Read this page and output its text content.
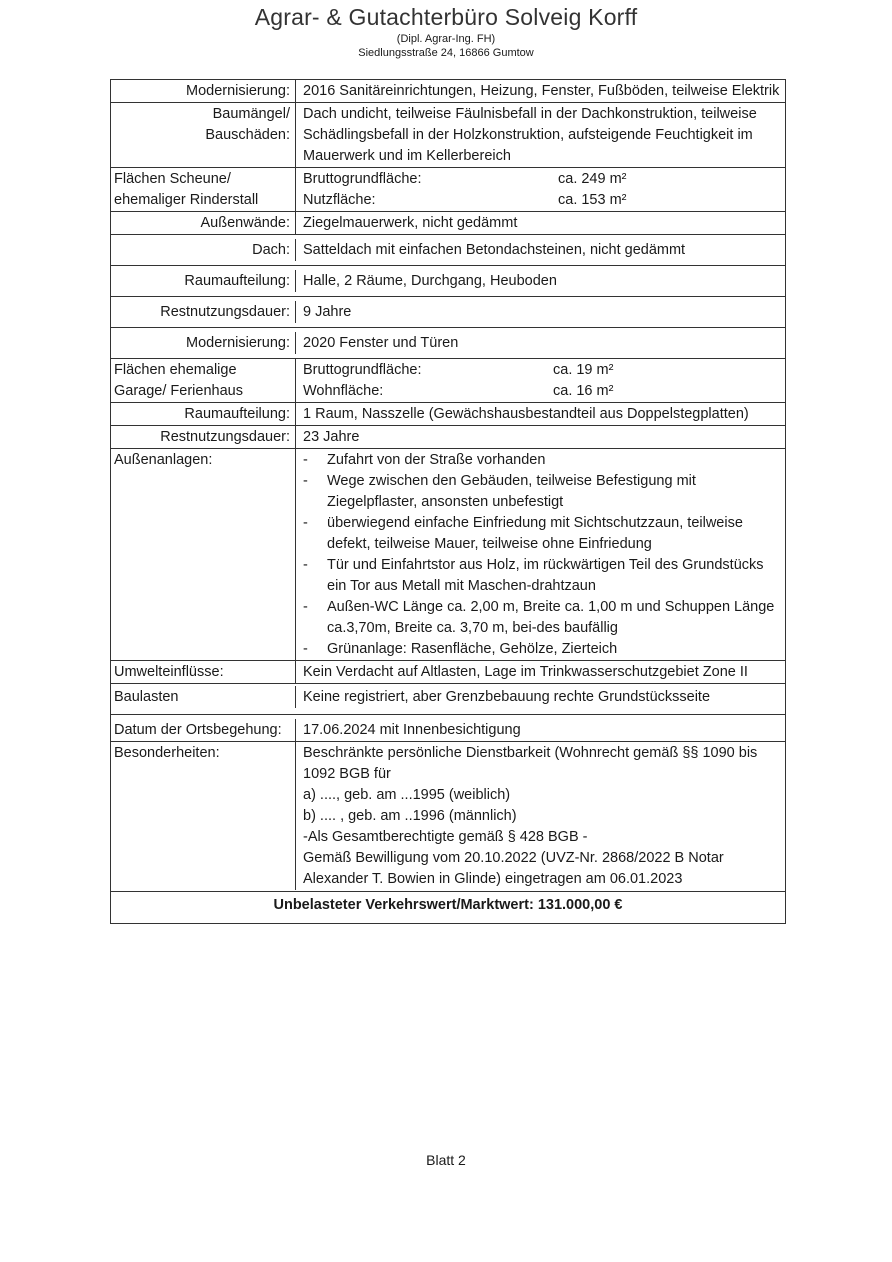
Agrar- & Gutachterbüro Solveig Korff
(Dipl. Agrar-Ing. FH)
Siedlungsstraße 24, 16866 Gumtow
Modernisierung: 2016 Sanitäreinrichtungen, Heizung, Fenster, Fußböden, teilweise Elektrik
Baumängel/ Bauschäden:
Dach undicht, teilweise Fäulnisbefall in der Dachkonstruktion, teilweise Schädlingsbefall in der Holzkonstruktion, aufsteigende Feuchtigkeit im Mauerwerk und im Kellerbereich
Flächen Scheune/ ehemaliger Rinderstall
Bruttogrundfläche:	ca. 249 m²
Nutzfläche:	ca. 153 m²
Außenwände: Ziegelmauerwerk, nicht gedämmt
Dach: Satteldach mit einfachen Betondachsteinen, nicht gedämmt
Raumaufteilung: Halle, 2 Räume, Durchgang, Heuboden
Restnutzungsdauer: 9 Jahre
Modernisierung: 2020 Fenster und Türen
Flächen ehemalige Garage/ Ferienhaus
Bruttogrundfläche:	ca. 19 m²
Wohnfläche:	ca. 16 m²
Raumaufteilung: 1 Raum, Nasszelle (Gewächshausbestandteil aus Doppelstegplatten)
Restnutzungsdauer: 23 Jahre
Außenanlagen:
-	Zufahrt von der Straße vorhanden
- Wege zwischen den Gebäuden, teilweise Befestigung mit Ziegelpflaster, ansonsten unbefestigt
- überwiegend einfache Einfriedung mit Sichtschutzzaun, teilweise defekt, teilweise Mauer, teilweise ohne Einfriedung
- Tür und Einfahrtstor aus Holz, im rückwärtigen Teil des Grundstücks ein Tor aus Metall mit Maschen-drahtzaun
- Außen-WC Länge ca. 2,00 m, Breite ca. 1,00 m und Schuppen Länge ca.3,70m, Breite ca. 3,70 m, bei-des baufällig
- Grünanlage: Rasenfläche, Gehölze, Zierteich
Umwelteinflüsse:	Kein Verdacht auf Altlasten, Lage im Trinkwasserschutzgebiet Zone II
Baulasten	Keine registriert, aber Grenzbebauung rechte Grundstücksseite
Datum der Ortsbegehung:	17.06.2024 mit Innenbesichtigung
Besonderheiten:	Beschränkte persönliche Dienstbarkeit (Wohnrecht gemäß §§ 1090 bis 1092 BGB für
a) ...., geb. am ...1995 (weiblich)
b) .... , geb. am ..1996 (männlich)
-Als Gesamtberechtigte gemäß § 428 BGB -
Gemäß Bewilligung vom 20.10.2022 (UVZ-Nr. 2868/2022 B Notar Alexander T. Bowien in Glinde) eingetragen am 06.01.2023
Unbelasteter Verkehrswert/Marktwert: 131.000,00 €
Blatt 2
